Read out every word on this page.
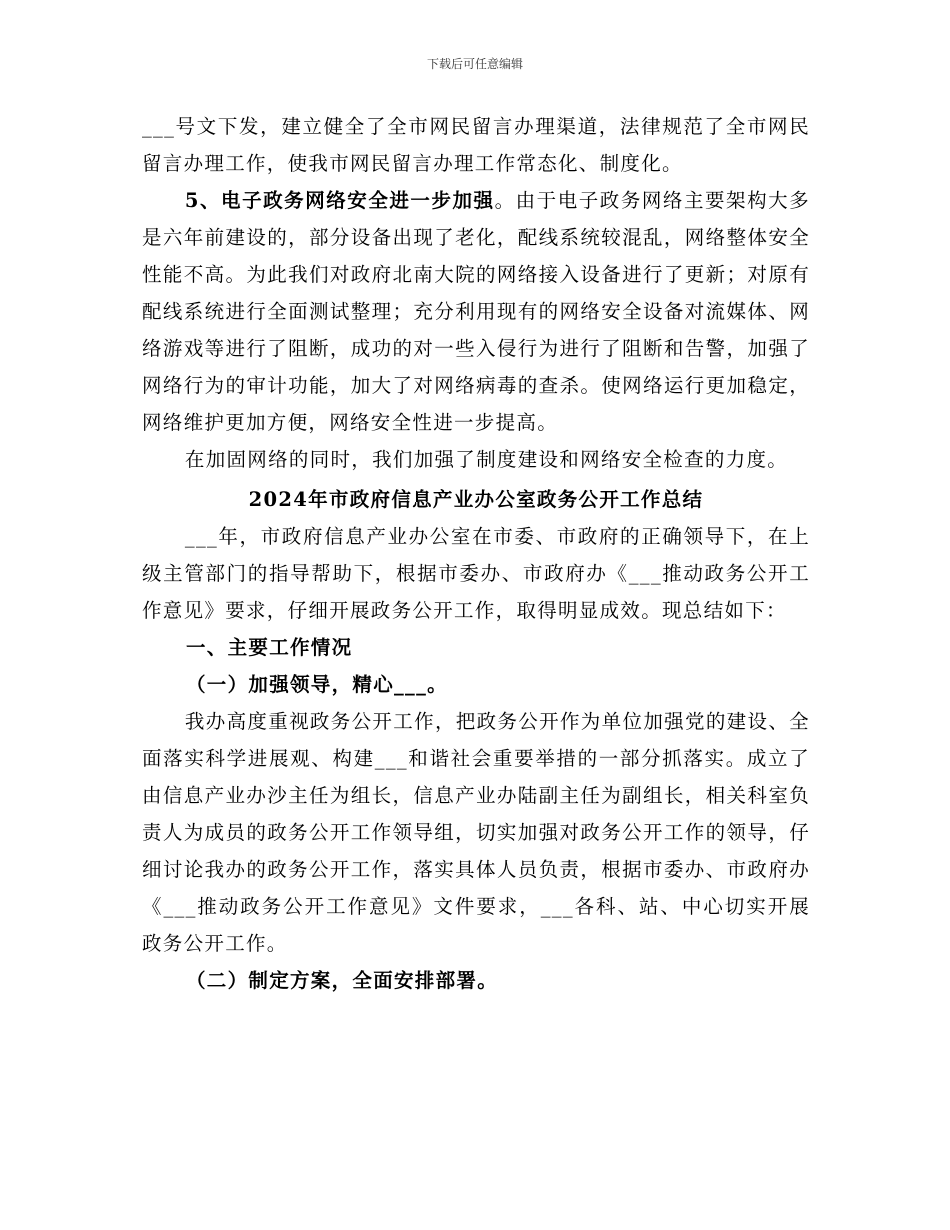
下载后可任意编辑

___号文下发，建立健全了全市网民留言办理渠道，法律规范了全市网民留言办理工作，使我市网民留言办理工作常态化、制度化。

5、电子政务网络安全进一步加强。由于电子政务网络主要架构大多是六年前建设的，部分设备出现了老化，配线系统较混乱，网络整体安全性能不高。为此我们对政府北南大院的网络接入设备进行了更新；对原有配线系统进行全面测试整理；充分利用现有的网络安全设备对流媒体、网络游戏等进行了阻断，成功的对一些入侵行为进行了阻断和告警，加强了网络行为的审计功能，加大了对网络病毒的查杀。使网络运行更加稳定，网络维护更加方便，网络安全性进一步提高。

在加固网络的同时，我们加强了制度建设和网络安全检查的力度。

2024年市政府信息产业办公室政务公开工作总结

___年，市政府信息产业办公室在市委、市政府的正确领导下，在上级主管部门的指导帮助下，根据市委办、市政府办《___推动政务公开工作意见》要求，仔细开展政务公开工作，取得明显成效。现总结如下：

一、主要工作情况

（一）加强领导，精心___。

我办高度重视政务公开工作，把政务公开作为单位加强党的建设、全面落实科学进展观、构建___和谐社会重要举措的一部分抓落实。成立了由信息产业办沙主任为组长，信息产业办陆副主任为副组长，相关科室负责人为成员的政务公开工作领导组，切实加强对政务公开工作的领导，仔细讨论我办的政务公开工作，落实具体人员负责，根据市委办、市政府办《___推动政务公开工作意见》文件要求，___各科、站、中心切实开展政务公开工作。

（二）制定方案，全面安排部署。
